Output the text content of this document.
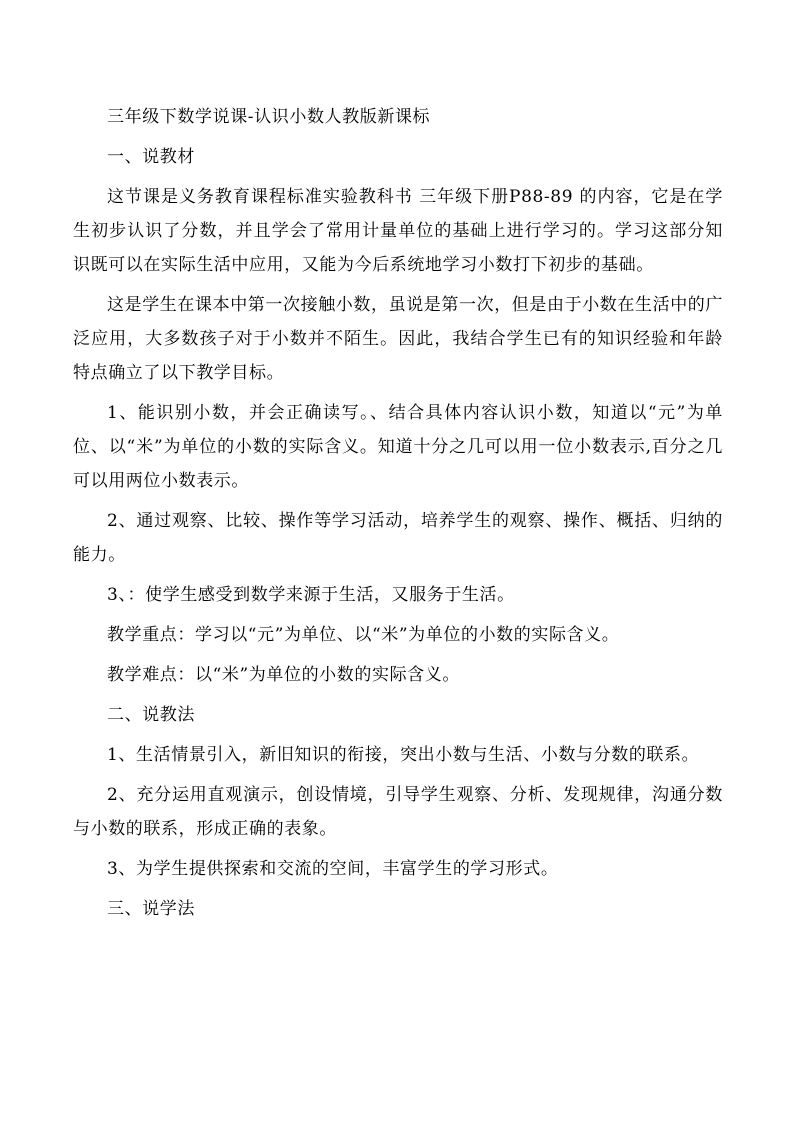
三年级下数学说课-认识小数人教版新课标

一、说教材

这节课是义务教育课程标准实验教科书 三年级下册P88-89 的内容，它是在学生初步认识了分数，并且学会了常用计量单位的基础上进行学习的。学习这部分知识既可以在实际生活中应用，又能为今后系统地学习小数打下初步的基础。

这是学生在课本中第一次接触小数，虽说是第一次，但是由于小数在生活中的广泛应用，大多数孩子对于小数并不陌生。因此，我结合学生已有的知识经验和年龄特点确立了以下教学目标。

1、能识别小数，并会正确读写。、结合具体内容认识小数，知道以“元”为单位、以“米”为单位的小数的实际含义。知道十分之几可以用一位小数表示,百分之几可以用两位小数表示。

2、通过观察、比较、操作等学习活动，培养学生的观察、操作、概括、归纳的能力。

3、：使学生感受到数学来源于生活，又服务于生活。

教学重点：学习以“元”为单位、以“米”为单位的小数的实际含义。

教学难点：以“米”为单位的小数的实际含义。

二、说教法

1、生活情景引入，新旧知识的衔接，突出小数与生活、小数与分数的联系。

2、充分运用直观演示，创设情境，引导学生观察、分析、发现规律，沟通分数与小数的联系，形成正确的表象。

3、为学生提供探索和交流的空间，丰富学生的学习形式。

三、说学法
